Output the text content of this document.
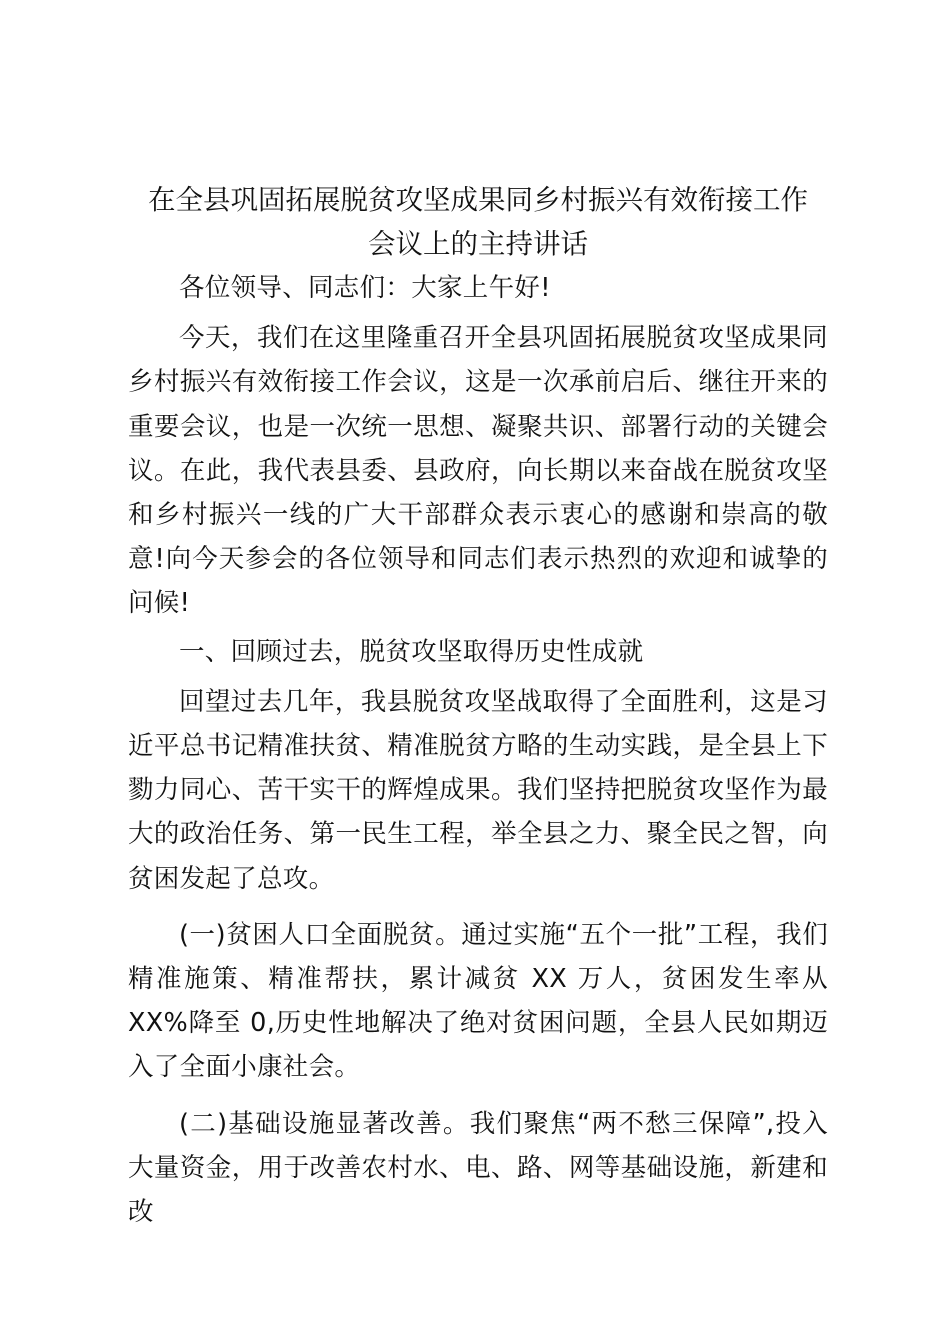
在全县巩固拓展脱贫攻坚成果同乡村振兴有效衔接工作
会议上的主持讲话

各位领导、同志们：大家上午好!

今天，我们在这里隆重召开全县巩固拓展脱贫攻坚成果同乡村振兴有效衔接工作会议，这是一次承前启后、继往开来的重要会议，也是一次统一思想、凝聚共识、部署行动的关键会议。在此，我代表县委、县政府，向长期以来奋战在脱贫攻坚和乡村振兴一线的广大干部群众表示衷心的感谢和崇高的敬意!向今天参会的各位领导和同志们表示热烈的欢迎和诚挚的问候!

一、回顾过去，脱贫攻坚取得历史性成就

回望过去几年，我县脱贫攻坚战取得了全面胜利，这是习近平总书记精准扶贫、精准脱贫方略的生动实践，是全县上下勠力同心、苦干实干的辉煌成果。我们坚持把脱贫攻坚作为最大的政治任务、第一民生工程，举全县之力、聚全民之智，向贫困发起了总攻。

(一)贫困人口全面脱贫。通过实施“五个一批”工程，我们精准施策、精准帮扶，累计减贫 XX 万人，贫困发生率从 XX%降至 0,历史性地解决了绝对贫困问题，全县人民如期迈入了全面小康社会。

(二)基础设施显著改善。我们聚焦“两不愁三保障”,投入大量资金，用于改善农村水、电、路、网等基础设施，新建和改
